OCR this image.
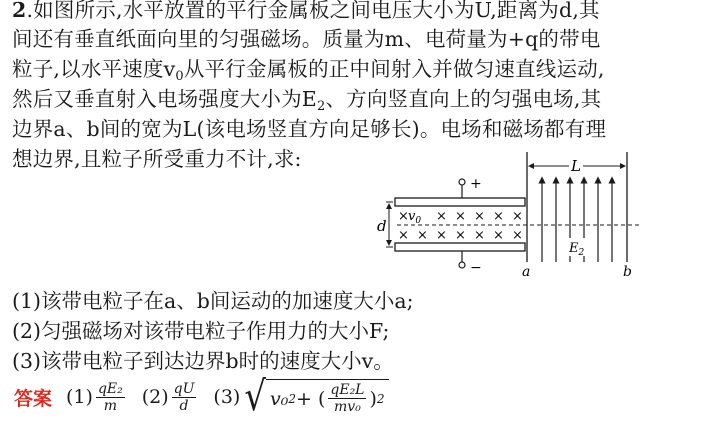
2.如图所示,水平放置的平行金属板之间电压大小为U,距离为d,其
间还有垂直纸面向里的匀强磁场。质量为m、电荷量为+q的带电
粒子,以水平速度$v_0$从平行金属板的正中间射入并做匀速直线运动,
然后又垂直射入电场强度大小为$E_2$、方向竖直向上的匀强电场,其
边界a、b间的宽为L(该电场竖直方向足够长)。电场和磁场都有理
想边界,且粒子所受重力不计,求:
+
−
d
× $v_0$ × × × × ×
× × × × × × ×
a	b
L
$E_2$
(1)该带电粒子在a、b间运动的加速度大小a;
(2)匀强磁场对该带电粒子作用力的大小F;
(3)该带电粒子到达边界b时的速度大小v。
答案 $(1) \frac{\text{qE₂}}{m} (2) \frac{qU}{d} (3)$ √ v₀ 2 + ( $\frac{\text{qE₂L}}{\text{mv₀}}$ ) 2
